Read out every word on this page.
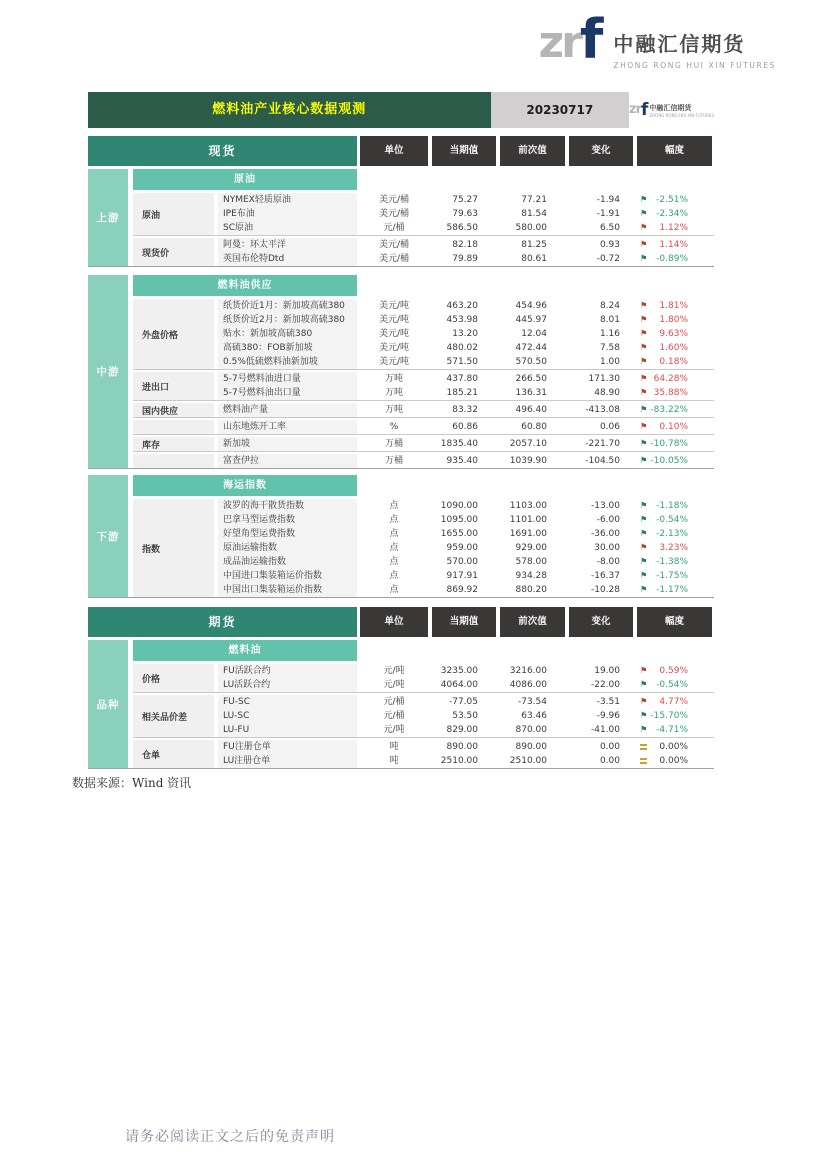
zr f 中融汇信期货
ZHONG RONG HUI XIN FUTURES
燃料油产业核心数据观测	20230717	zr f 中融汇信期货
ZHONG RONG HUI XIN FUTURES
现货	单位	当期值	前次值	变化	幅度
上游
原油
原油
NYMEX轻质原油	美元/桶	75.27	77.21	-1.94	⚑ -2.51%
IPE布油	美元/桶	79.63	81.54	-1.91	⚑ -2.34%
SC原油	元/桶	586.50	580.00	6.50	⚑ 1.12%
现货价
阿曼：环太平洋	美元/桶	82.18	81.25	0.93	⚑ 1.14%
英国布伦特Dtd	美元/桶	79.89	80.61	-0.72	⚑ -0.89%
中游
燃料油供应
外盘价格
纸货价近1月：新加坡高硫380	美元/吨	463.20	454.96	8.24	⚑ 1.81%
纸货价近2月：新加坡高硫380	美元/吨	453.98	445.97	8.01	⚑ 1.80%
贴水：新加坡高硫380	美元/吨	13.20	12.04	1.16	⚑ 9.63%
高硫380：FOB新加坡	美元/吨	480.02	472.44	7.58	⚑ 1.60%
0.5%低硫燃料油新加坡	美元/吨	571.50	570.50	1.00	⚑ 0.18%
进出口
5-7号燃料油进口量	万吨	437.80	266.50	171.30	⚑ 64.28%
5-7号燃料油出口量	万吨	185.21	136.31	48.90	⚑ 35.88%
国内供应	燃料油产量	万吨	83.32	496.40	-413.08	⚑ -83.22%
山东地炼开工率	%	60.86	60.80	0.06	⚑ 0.10%
库存	新加坡	万桶	1835.40	2057.10	-221.70	⚑ -10.78%
富查伊拉	万桶	935.40	1039.90	-104.50	⚑ -10.05%
下游
海运指数
指数
波罗的海干散货指数	点	1090.00	1103.00	-13.00	⚑ -1.18%
巴拿马型运费指数	点	1095.00	1101.00	-6.00	⚑ -0.54%
好望角型运费指数	点	1655.00	1691.00	-36.00	⚑ -2.13%
原油运输指数	点	959.00	929.00	30.00	⚑ 3.23%
成品油运输指数	点	570.00	578.00	-8.00	⚑ -1.38%
中国进口集装箱运价指数	点	917.91	934.28	-16.37	⚑ -1.75%
中国出口集装箱运价指数	点	869.92	880.20	-10.28	⚑ -1.17%
期货	单位	当期值	前次值	变化	幅度
品种
燃料油
价格
FU活跃合约	元/吨	3235.00	3216.00	19.00	⚑ 0.59%
LU活跃合约	元/吨	4064.00	4086.00	-22.00	⚑ -0.54%
相关品价差
FU-SC	元/桶	-77.05	-73.54	-3.51	⚑ 4.77%
LU-SC	元/桶	53.50	63.46	-9.96	⚑ -15.70%
LU-FU	元/吨	829.00	870.00	-41.00	⚑ -4.71%
仓单
FU注册仓单	吨	890.00	890.00	0.00	0.00%
LU注册仓单	吨	2510.00	2510.00	0.00	0.00%
数据来源：Wind 资讯
请务必阅读正文之后的免责声明
